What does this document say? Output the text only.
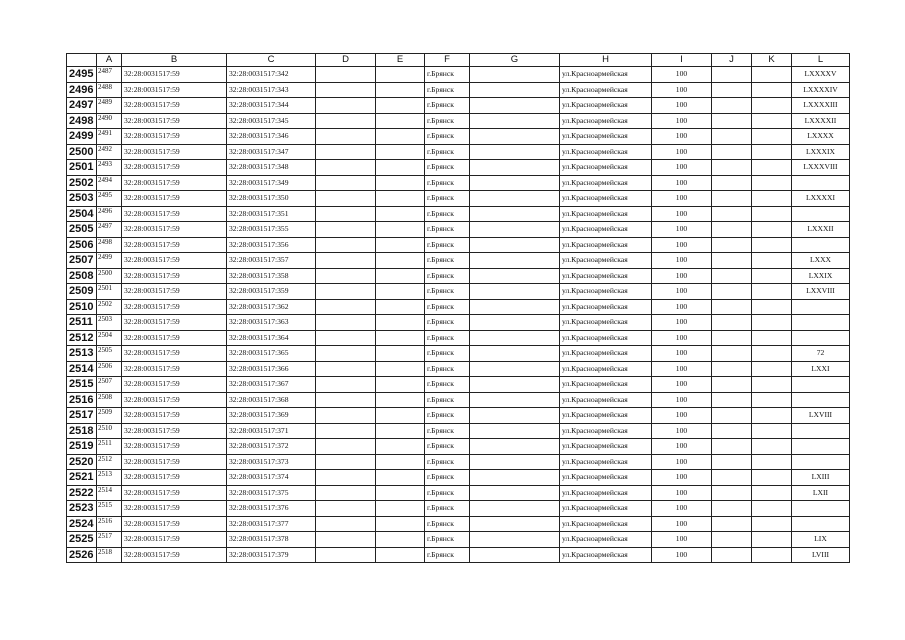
	A	B	C	D	E	F	G	H	I	J	K	L
2495	2487	32:28:0031517:59	32:28:0031517:342			г.Брянск		ул.Красноармейская	100			LXXXXV
2496	2488	32:28:0031517:59	32:28:0031517:343			г.Брянск		ул.Красноармейская	100			LXXXXIV
2497	2489	32:28:0031517:59	32:28:0031517:344			г.Брянск		ул.Красноармейская	100			LXXXXIII
2498	2490	32:28:0031517:59	32:28:0031517:345			г.Брянск		ул.Красноармейская	100			LXXXXII
2499	2491	32:28:0031517:59	32:28:0031517:346			г.Брянск		ул.Красноармейская	100			LXXXX
2500	2492	32:28:0031517:59	32:28:0031517:347			г.Брянск		ул.Красноармейская	100			LXXXIX
2501	2493	32:28:0031517:59	32:28:0031517:348			г.Брянск		ул.Красноармейская	100			LXXXVIII
2502	2494	32:28:0031517:59	32:28:0031517:349			г.Брянск		ул.Красноармейская	100			
2503	2495	32:28:0031517:59	32:28:0031517:350			г.Брянск		ул.Красноармейская	100			LXXXXI
2504	2496	32:28:0031517:59	32:28:0031517:351			г.Брянск		ул.Красноармейская	100			
2505	2497	32:28:0031517:59	32:28:0031517:355			г.Брянск		ул.Красноармейская	100			LXXXII
2506	2498	32:28:0031517:59	32:28:0031517:356			г.Брянск		ул.Красноармейская	100			
2507	2499	32:28:0031517:59	32:28:0031517:357			г.Брянск		ул.Красноармейская	100			LXXX
2508	2500	32:28:0031517:59	32:28:0031517:358			г.Брянск		ул.Красноармейская	100			LXXIX
2509	2501	32:28:0031517:59	32:28:0031517:359			г.Брянск		ул.Красноармейская	100			LXXVIII
2510	2502	32:28:0031517:59	32:28:0031517:362			г.Брянск		ул.Красноармейская	100			
2511	2503	32:28:0031517:59	32:28:0031517:363			г.Брянск		ул.Красноармейская	100			
2512	2504	32:28:0031517:59	32:28:0031517:364			г.Брянск		ул.Красноармейская	100			
2513	2505	32:28:0031517:59	32:28:0031517:365			г.Брянск		ул.Красноармейская	100			72
2514	2506	32:28:0031517:59	32:28:0031517:366			г.Брянск		ул.Красноармейская	100			LXXI
2515	2507	32:28:0031517:59	32:28:0031517:367			г.Брянск		ул.Красноармейская	100			
2516	2508	32:28:0031517:59	32:28:0031517:368			г.Брянск		ул.Красноармейская	100			
2517	2509	32:28:0031517:59	32:28:0031517:369			г.Брянск		ул.Красноармейская	100			LXVIII
2518	2510	32:28:0031517:59	32:28:0031517:371			г.Брянск		ул.Красноармейская	100			
2519	2511	32:28:0031517:59	32:28:0031517:372			г.Брянск		ул.Красноармейская	100			
2520	2512	32:28:0031517:59	32:28:0031517:373			г.Брянск		ул.Красноармейская	100			
2521	2513	32:28:0031517:59	32:28:0031517:374			г.Брянск		ул.Красноармейская	100			LXIII
2522	2514	32:28:0031517:59	32:28:0031517:375			г.Брянск		ул.Красноармейская	100			LXII
2523	2515	32:28:0031517:59	32:28:0031517:376			г.Брянск		ул.Красноармейская	100			
2524	2516	32:28:0031517:59	32:28:0031517:377			г.Брянск		ул.Красноармейская	100			
2525	2517	32:28:0031517:59	32:28:0031517:378			г.Брянск		ул.Красноармейская	100			LIX
2526	2518	32:28:0031517:59	32:28:0031517:379			г.Брянск		ул.Красноармейская	100			LVIII
